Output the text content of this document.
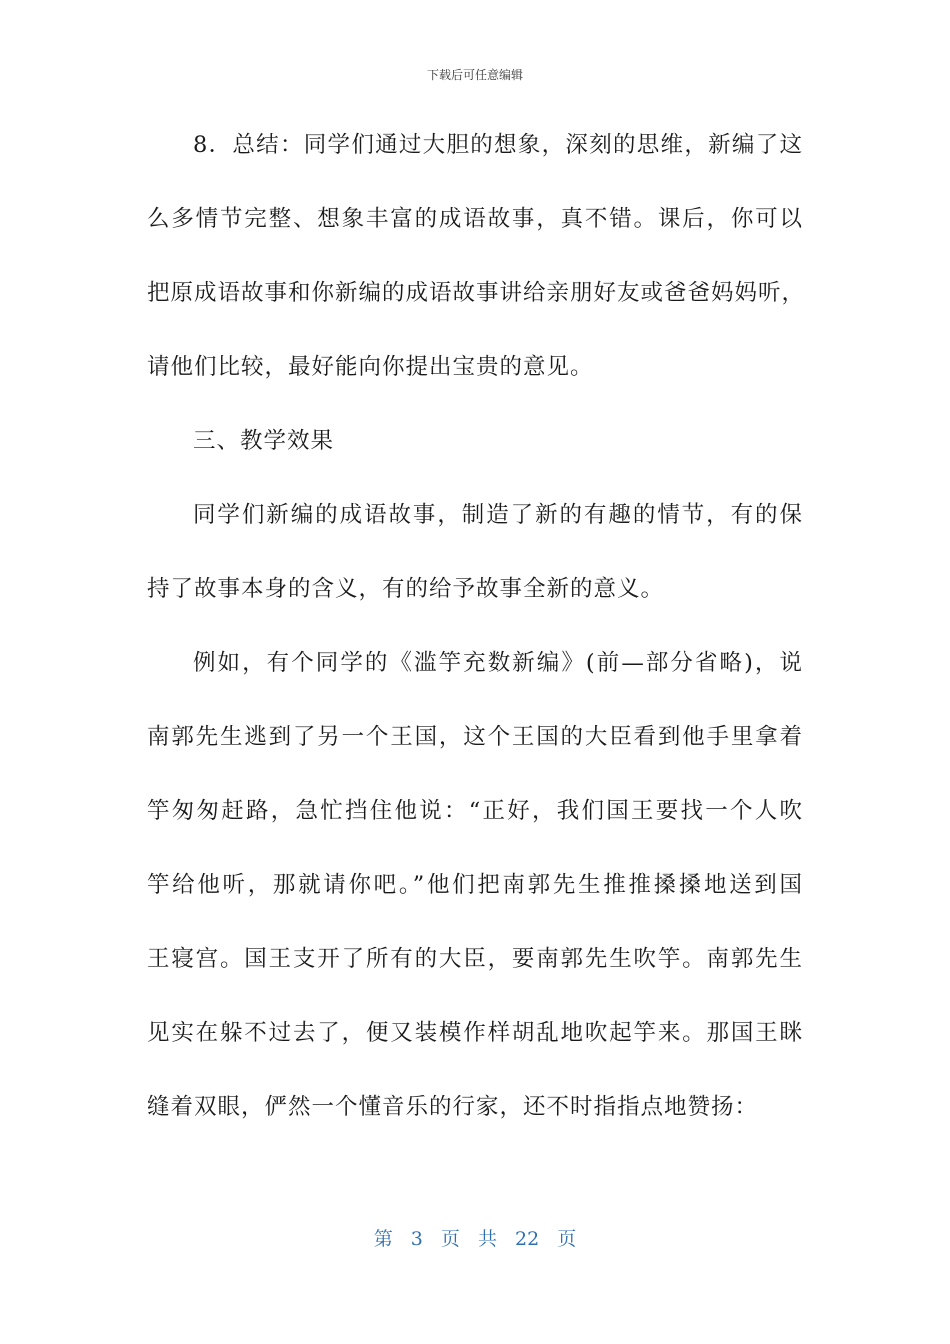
下载后可任意编辑
8．总结：同学们通过大胆的想象，深刻的思维，新编了这
么多情节完整、想象丰富的成语故事，真不错。课后，你可以
把原成语故事和你新编的成语故事讲给亲朋好友或爸爸妈妈听，
请他们比较，最好能向你提出宝贵的意见。
三、教学效果
同学们新编的成语故事，制造了新的有趣的情节，有的保
持了故事本身的含义，有的给予故事全新的意义。
例如，有个同学的《滥竽充数新编》(前—部分省略)，说
南郭先生逃到了另一个王国，这个王国的大臣看到他手里拿着
竽匆匆赶路，急忙挡住他说：“正好，我们国王要找一个人吹
竽给他听，那就请你吧。”他们把南郭先生推推搡搡地送到国
王寝宫。国王支开了所有的大臣，要南郭先生吹竽。南郭先生
见实在躲不过去了，便又装模作样胡乱地吹起竽来。那国王眯
缝着双眼，俨然一个懂音乐的行家，还不时指指点地赞扬：
第 3 页 共 22 页
